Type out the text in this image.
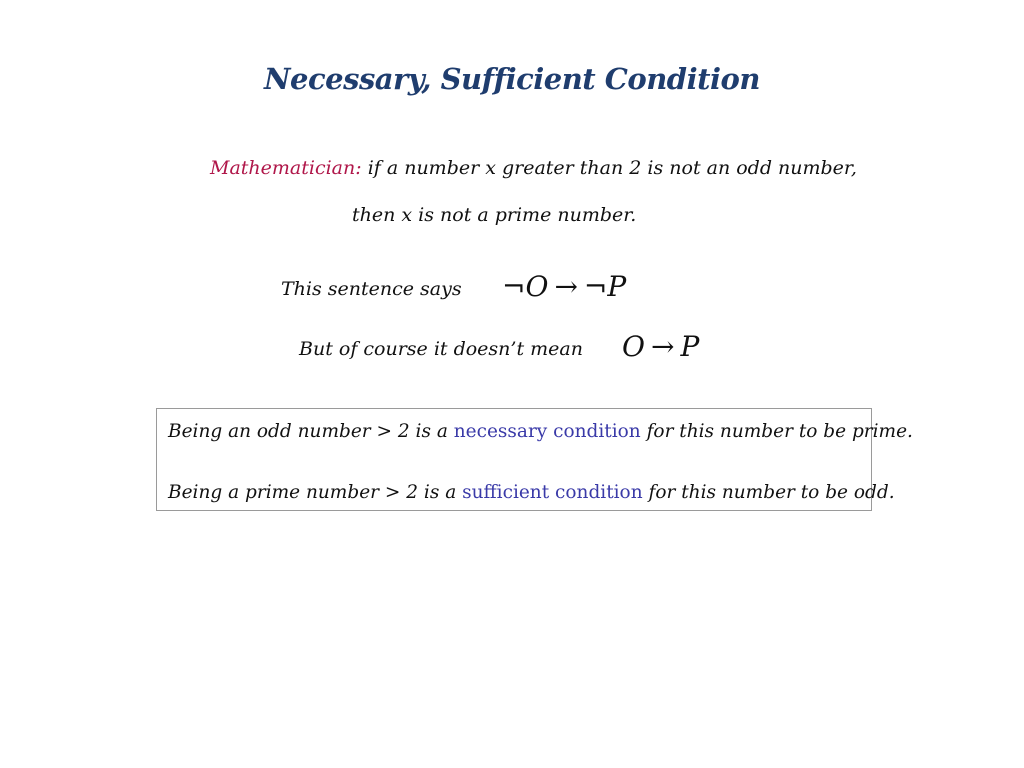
Necessary, Sufficient Condition
Mathematician: if a number x greater than 2 is not an odd number,
then x is not a prime number.
This sentence says ¬O → ¬P
But of course it doesn’t mean O → P
Being an odd number > 2 is a necessary condition for this number to be prime.
Being a prime number > 2 is a sufficient condition for this number to be odd.
